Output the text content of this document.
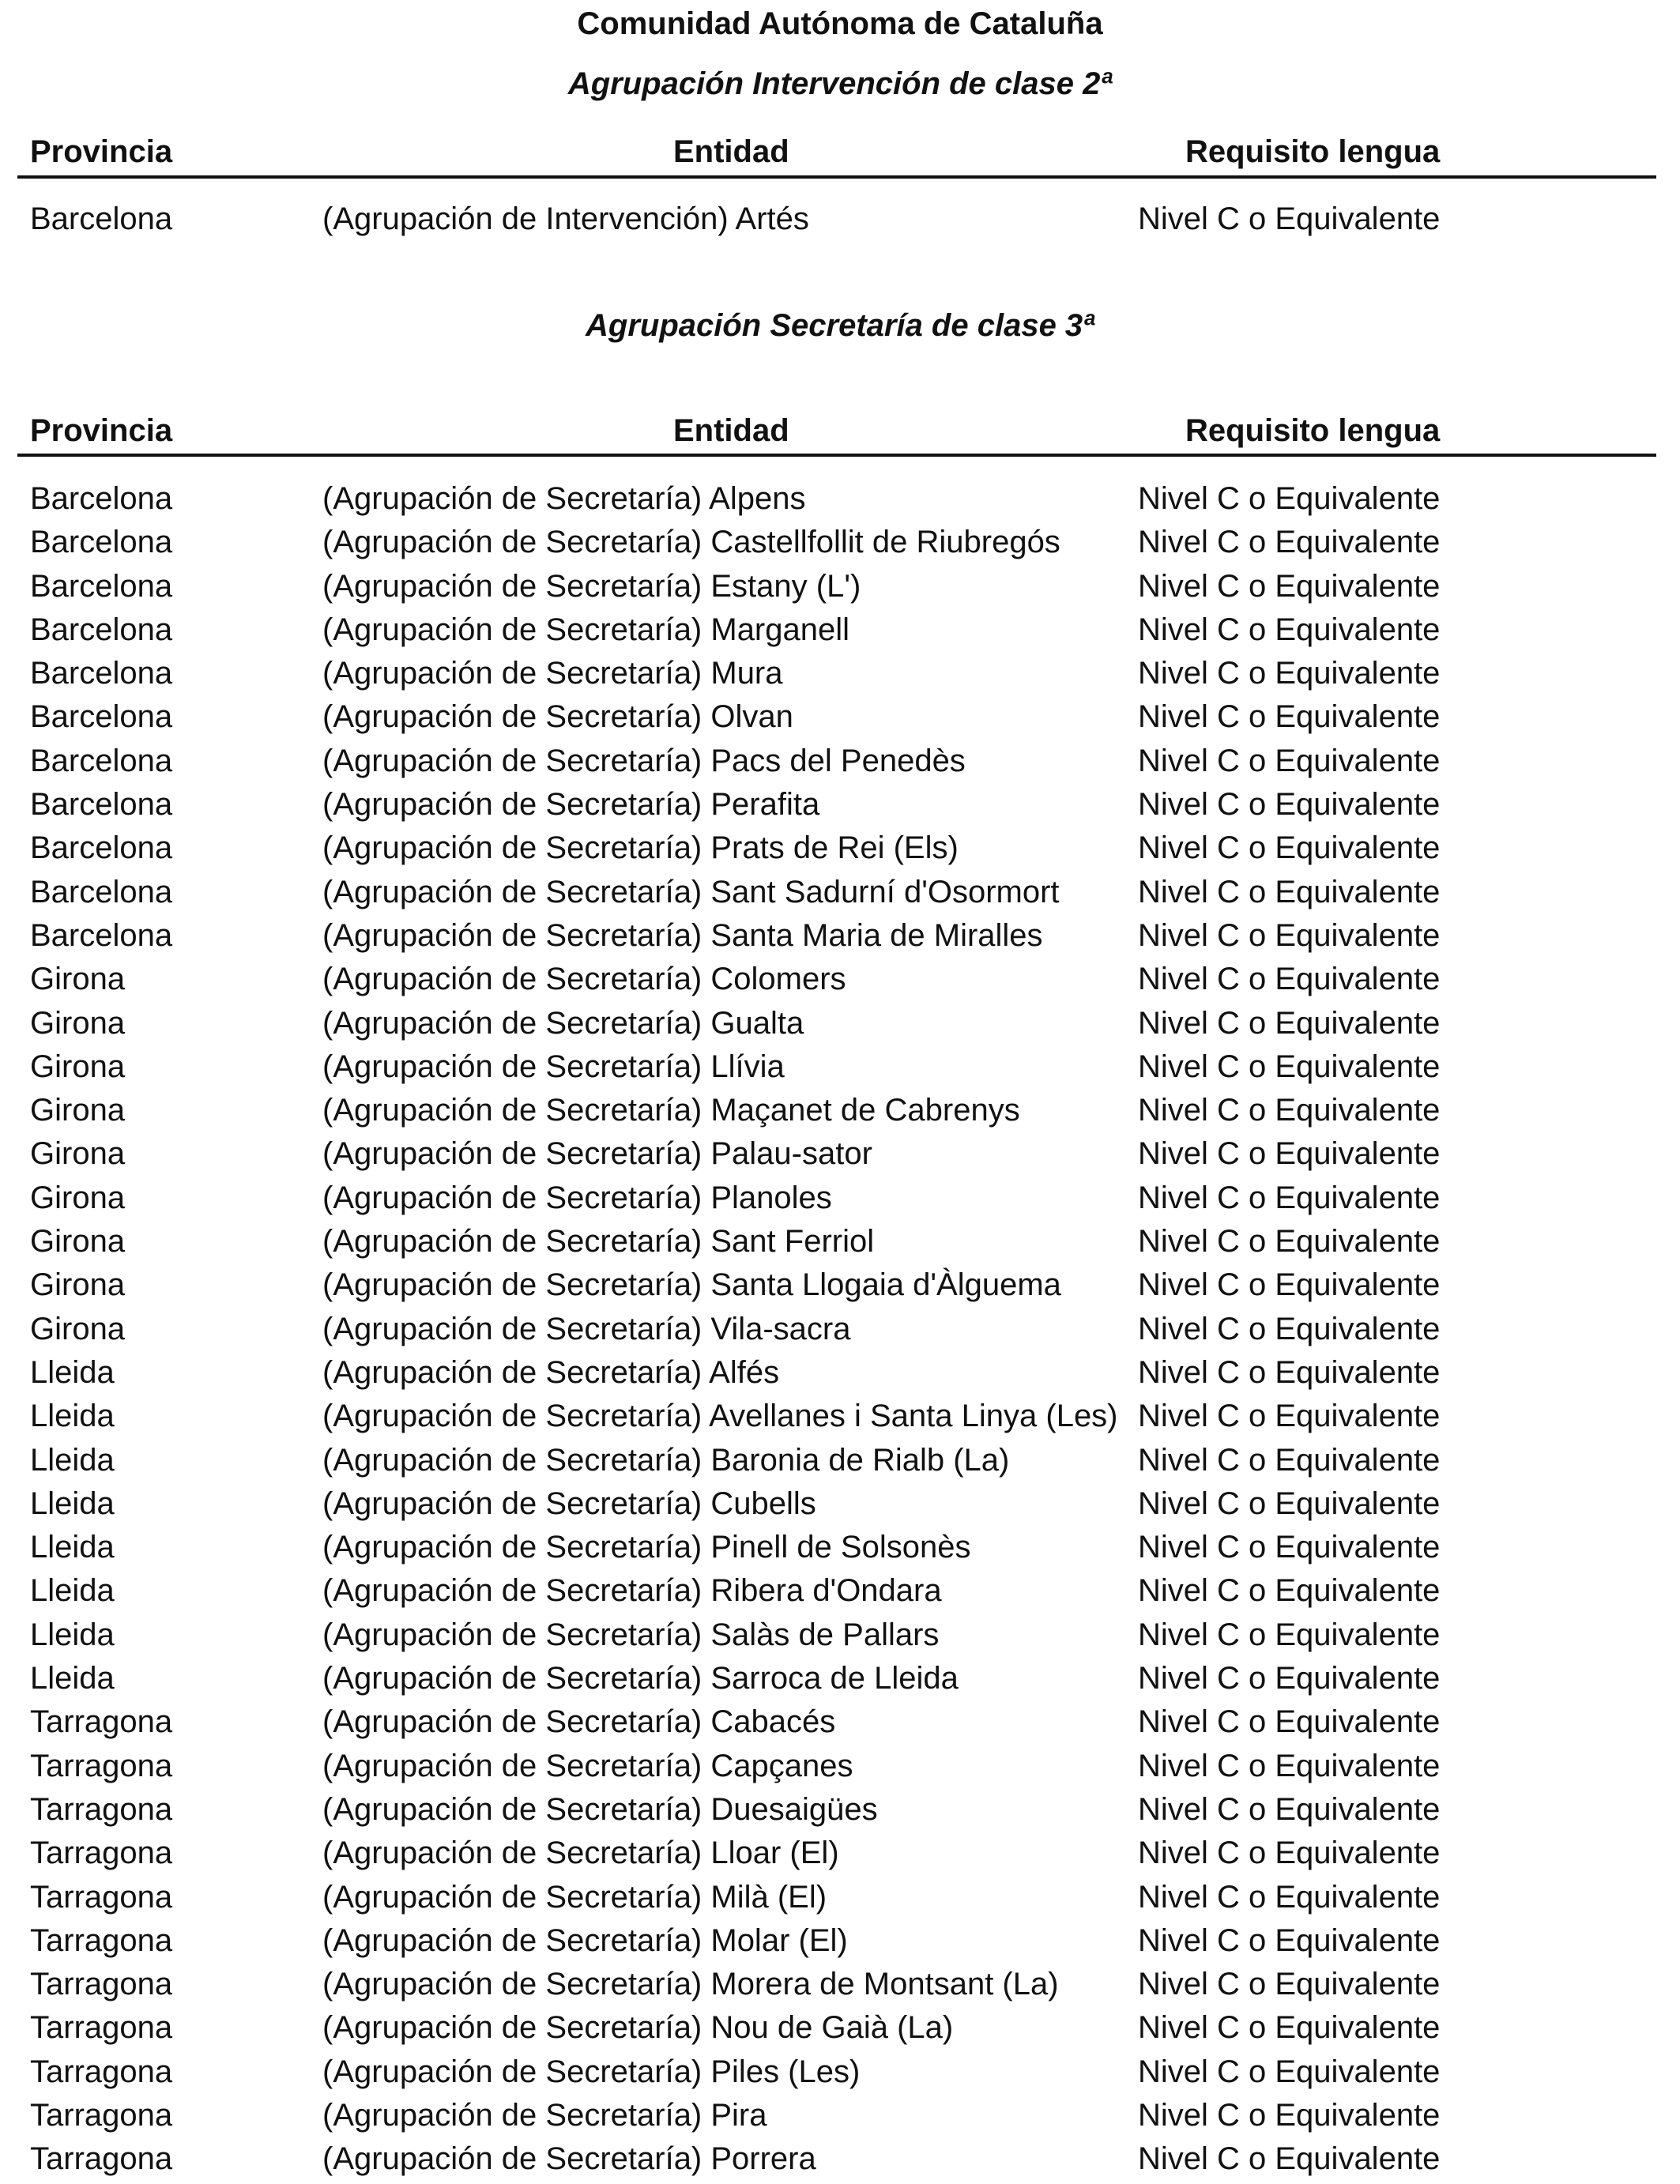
Comunidad Autónoma de Cataluña
Agrupación Intervención de clase 2ª
Provincia	Entidad	Requisito lengua
Barcelona	(Agrupación de Intervención) Artés	Nivel C o Equivalente
Agrupación Secretaría de clase 3ª
Provincia	Entidad	Requisito lengua
Barcelona	(Agrupación de Secretaría) Alpens	Nivel C o Equivalente
Barcelona	(Agrupación de Secretaría) Castellfollit de Riubregós Nivel C o Equivalente
Barcelona	(Agrupación de Secretaría) Estany (L')	Nivel C o Equivalente
Barcelona	(Agrupación de Secretaría) Marganell	Nivel C o Equivalente
Barcelona	(Agrupación de Secretaría) Mura	Nivel C o Equivalente
Barcelona	(Agrupación de Secretaría) Olvan	Nivel C o Equivalente
Barcelona	(Agrupación de Secretaría) Pacs del Penedès	Nivel C o Equivalente
Barcelona	(Agrupación de Secretaría) Perafita	Nivel C o Equivalente
Barcelona	(Agrupación de Secretaría) Prats de Rei (Els)	Nivel C o Equivalente
Barcelona	(Agrupación de Secretaría) Sant Sadurní d'Osormort Nivel C o Equivalente
Barcelona	(Agrupación de Secretaría) Santa Maria de Miralles	Nivel C o Equivalente
Girona	(Agrupación de Secretaría) Colomers	Nivel C o Equivalente
Girona	(Agrupación de Secretaría) Gualta	Nivel C o Equivalente
Girona	(Agrupación de Secretaría) Llívia	Nivel C o Equivalente
Girona	(Agrupación de Secretaría) Maçanet de Cabrenys	Nivel C o Equivalente
Girona	(Agrupación de Secretaría) Palau-sator	Nivel C o Equivalente
Girona	(Agrupación de Secretaría) Planoles	Nivel C o Equivalente
Girona	(Agrupación de Secretaría) Sant Ferriol	Nivel C o Equivalente
Girona	(Agrupación de Secretaría) Santa Llogaia d'Àlguema Nivel C o Equivalente
Girona	(Agrupación de Secretaría) Vila-sacra	Nivel C o Equivalente
Lleida	(Agrupación de Secretaría) Alfés	Nivel C o Equivalente
Lleida	(Agrupación de Secretaría) Avellanes i Santa Linya (Les) Nivel C o Equivalente
Lleida	(Agrupación de Secretaría) Baronia de Rialb (La)	Nivel C o Equivalente
Lleida	(Agrupación de Secretaría) Cubells	Nivel C o Equivalente
Lleida	(Agrupación de Secretaría) Pinell de Solsonès	Nivel C o Equivalente
Lleida	(Agrupación de Secretaría) Ribera d'Ondara	Nivel C o Equivalente
Lleida	(Agrupación de Secretaría) Salàs de Pallars	Nivel C o Equivalente
Lleida	(Agrupación de Secretaría) Sarroca de Lleida	Nivel C o Equivalente
Tarragona	(Agrupación de Secretaría) Cabacés	Nivel C o Equivalente
Tarragona	(Agrupación de Secretaría) Capçanes	Nivel C o Equivalente
Tarragona	(Agrupación de Secretaría) Duesaigües	Nivel C o Equivalente
Tarragona	(Agrupación de Secretaría) Lloar (El)	Nivel C o Equivalente
Tarragona	(Agrupación de Secretaría) Milà (El)	Nivel C o Equivalente
Tarragona	(Agrupación de Secretaría) Molar (El)	Nivel C o Equivalente
Tarragona	(Agrupación de Secretaría) Morera de Montsant (La)	Nivel C o Equivalente
Tarragona	(Agrupación de Secretaría) Nou de Gaià (La)	Nivel C o Equivalente
Tarragona	(Agrupación de Secretaría) Piles (Les)	Nivel C o Equivalente
Tarragona	(Agrupación de Secretaría) Pira	Nivel C o Equivalente
Tarragona	(Agrupación de Secretaría) Porrera	Nivel C o Equivalente
